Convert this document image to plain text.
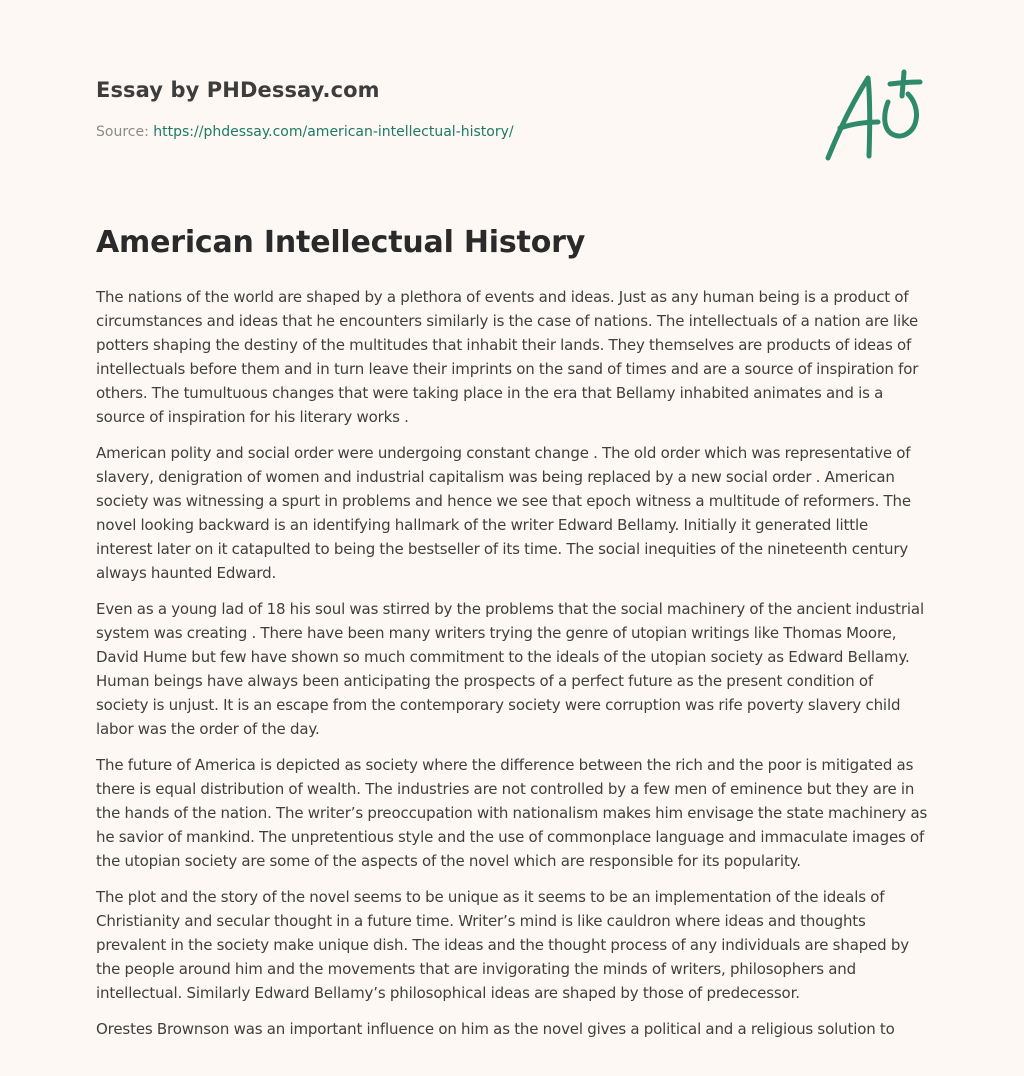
Essay by PHDessay.com
Source: https://phdessay.com/american-intellectual-history/
American Intellectual History

The nations of the world are shaped by a plethora of events and ideas. Just as any human being is a product of circumstances and ideas that he encounters similarly is the case of nations. The intellectuals of a nation are like potters shaping the destiny of the multitudes that inhabit their lands. They themselves are products of ideas of intellectuals before them and in turn leave their imprints on the sand of times and are a source of inspiration for others. The tumultuous changes that were taking place in the era that Bellamy inhabited animates and is a source of inspiration for his literary works .

American polity and social order were undergoing constant change . The old order which was representative of slavery, denigration of women and industrial capitalism was being replaced by a new social order . American society was witnessing a spurt in problems and hence we see that epoch witness a multitude of reformers. The novel looking backward is an identifying hallmark of the writer Edward Bellamy. Initially it generated little interest later on it catapulted to being the bestseller of its time. The social inequities of the nineteenth century always haunted Edward.

Even as a young lad of 18 his soul was stirred by the problems that the social machinery of the ancient industrial system was creating . There have been many writers trying the genre of utopian writings like Thomas Moore, David Hume but few have shown so much commitment to the ideals of the utopian society as Edward Bellamy. Human beings have always been anticipating the prospects of a perfect future as the present condition of society is unjust. It is an escape from the contemporary society were corruption was rife poverty slavery child labor was the order of the day.

The future of America is depicted as society where the difference between the rich and the poor is mitigated as there is equal distribution of wealth. The industries are not controlled by a few men of eminence but they are in the hands of the nation. The writer’s preoccupation with nationalism makes him envisage the state machinery as he savior of mankind. The unpretentious style and the use of commonplace language and immaculate images of the utopian society are some of the aspects of the novel which are responsible for its popularity.

The plot and the story of the novel seems to be unique as it seems to be an implementation of the ideals of Christianity and secular thought in a future time. Writer’s mind is like cauldron where ideas and thoughts prevalent in the society make unique dish. The ideas and the thought process of any individuals are shaped by the people around him and the movements that are invigorating the minds of writers, philosophers and intellectual. Similarly Edward Bellamy’s philosophical ideas are shaped by those of predecessor.

Orestes Brownson was an important influence on him as the novel gives a political and a religious solution to
